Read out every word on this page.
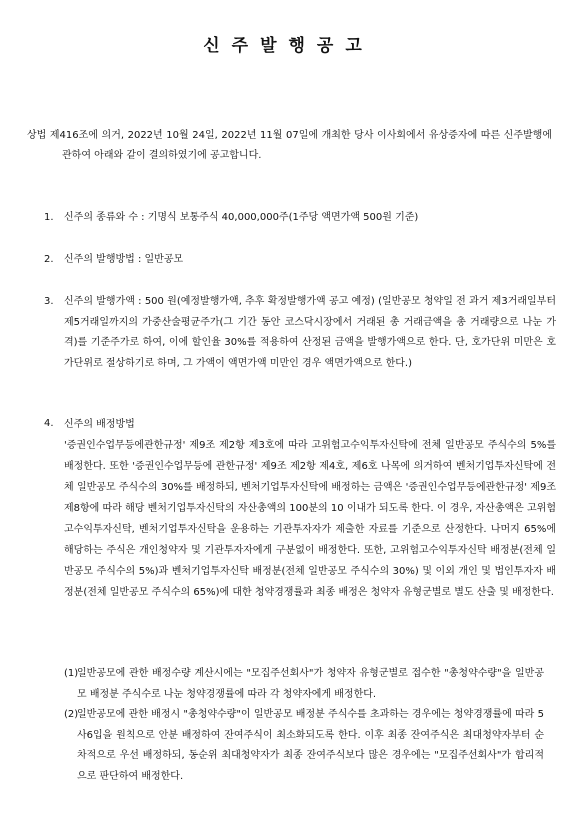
신주발행공고
상법 제416조에 의거, 2022년 10월 24일, 2022년 11월 07일에 개최한 당사 이사회에서 유상증자에 따른 신주발행에 관하여 아래와 같이 결의하였기에 공고합니다.
1. 신주의 종류와 수 : 기명식 보통주식 40,000,000주(1주당 액면가액 500원 기준)
2. 신주의 발행방법 : 일반공모
3. 신주의 발행가액 : 500 원(예정발행가액, 추후 확정발행가액 공고 예정) (일반공모 청약일 전 과거 제3거래일부터 제5거래일까지의 가중산술평균주가(그 기간 동안 코스닥시장에서 거래된 총 거래금액을 총 거래량으로 나눈 가격)를 기준주가로 하여, 이에 할인율 30%를 적용하여 산정된 금액을 발행가액으로 한다. 단, 호가단위 미만은 호가단위로 절상하기로 하며, 그 가액이 액면가액 미만인 경우 액면가액으로 한다.)
4. 신주의 배정방법
'증권인수업무등에관한규정' 제9조 제2항 제3호에 따라 고위험고수익투자신탁에 전체 일반공모 주식수의 5%를 배정한다. 또한 '증권인수업무등에 관한규정' 제9조 제2항 제4호, 제6호 나목에 의거하여 벤처기업투자신탁에 전체 일반공모 주식수의 30%를 배정하되, 벤처기업투자신탁에 배정하는 금액은 '증권인수업무등에관한규정' 제9조 제8항에 따라 해당 벤처기업투자신탁의 자산총액의 100분의 10 이내가 되도록 한다. 이 경우, 자산총액은 고위험고수익투자신탁, 벤처기업투자신탁을 운용하는 기관투자자가 제출한 자료를 기준으로 산정한다. 나머지 65%에 해당하는 주식은 개인청약자 및 기관투자자에게 구분없이 배정한다. 또한, 고위험고수익투자신탁 배정분(전체 일반공모 주식수의 5%)과 벤처기업투자신탁 배정분(전체 일반공모 주식수의 30%) 및 이외 개인 및 법인투자자 배정분(전체 일반공모 주식수의 65%)에 대한 청약경쟁률과 최종 배정은 청약자 유형군별로 별도 산출 및 배정한다.
(1)
일반공모에 관한 배정수량 계산시에는 "모집주선회사"가 청약자 유형군별로 접수한 "총청약수량"을 일반공모 배정분 주식수로 나눈 청약경쟁률에 따라 각 청약자에게 배정한다.
(2)
일반공모에 관한 배정시 "총청약수량"이 일반공모 배정분 주식수를 초과하는 경우에는 청약경쟁률에 따라 5사6입을 원칙으로 안분 배정하여 잔여주식이 최소화되도록 한다. 이후 최종 잔여주식은 최대청약자부터 순차적으로 우선 배정하되, 동순위 최대청약자가 최종 잔여주식보다 많은 경우에는 "모집주선회사"가 합리적으로 판단하여 배정한다.
